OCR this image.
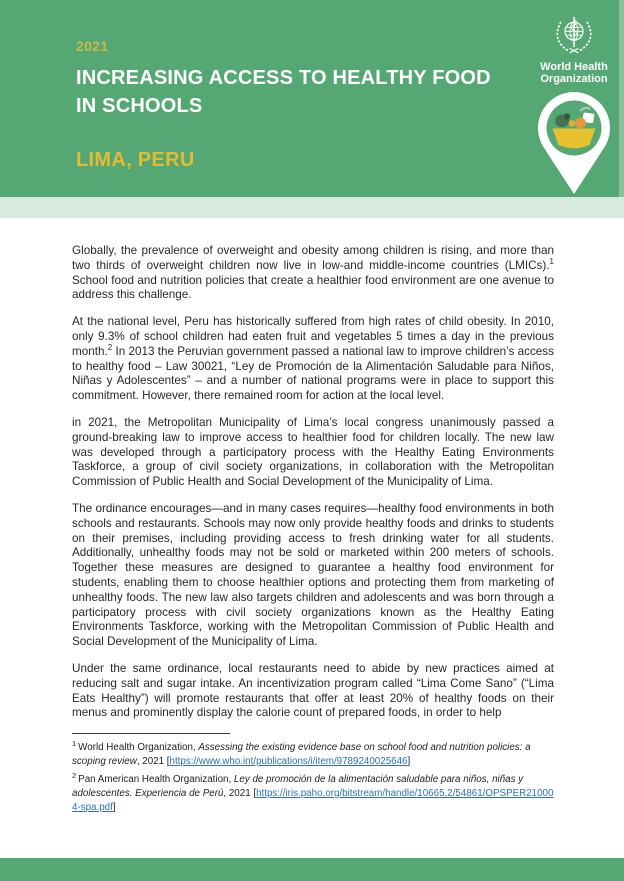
2021
INCREASING ACCESS TO HEALTHY FOOD
IN SCHOOLS
LIMA, PERU
World Health
Organization

Globally, the prevalence of overweight and obesity among children is rising, and more than two thirds of overweight children now live in low-and middle-income countries (LMICs).$^1$ School food and nutrition policies that create a healthier food environment are one avenue to address this challenge.

At the national level, Peru has historically suffered from high rates of child obesity. In 2010, only 9.3% of school children had eaten fruit and vegetables 5 times a day in the previous month.$^2$ In 2013 the Peruvian government passed a national law to improve children’s access to healthy food – Law 30021, “Ley de Promoción de la Alimentación Saludable para Niños, Niñas y Adolescentes” – and a number of national programs were in place to support this commitment. However, there remained room for action at the local level.

in 2021, the Metropolitan Municipality of Lima’s local congress unanimously passed a ground-breaking law to improve access to healthier food for children locally. The new law was developed through a participatory process with the Healthy Eating Environments Taskforce, a group of civil society organizations, in collaboration with the Metropolitan Commission of Public Health and Social Development of the Municipality of Lima.

The ordinance encourages—and in many cases requires—healthy food environments in both schools and restaurants. Schools may now only provide healthy foods and drinks to students on their premises, including providing access to fresh drinking water for all students. Additionally, unhealthy foods may not be sold or marketed within 200 meters of schools. Together these measures are designed to guarantee a healthy food environment for students, enabling them to choose healthier options and protecting them from marketing of unhealthy foods. The new law also targets children and adolescents and was born through a participatory process with civil society organizations known as the Healthy Eating Environments Taskforce, working with the Metropolitan Commission of Public Health and Social Development of the Municipality of Lima.

Under the same ordinance, local restaurants need to abide by new practices aimed at reducing salt and sugar intake. An incentivization program called “Lima Come Sano” (“Lima Eats Healthy”) will promote restaurants that offer at least 20% of healthy foods on their menus and prominently display the calorie count of prepared foods, in order to help

$^1$ World Health Organization, Assessing the existing evidence base on school food and nutrition policies: a scoping review, 2021 [https://www.who.int/publications/i/item/9789240025646]
$^2$ Pan American Health Organization, Ley de promoción de la alimentación saludable para niños, niñas y adolescentes. Experiencia de Perú, 2021 [https://iris.paho.org/bitstream/handle/10665.2/54861/OPSPER210004-spa.pdf]
